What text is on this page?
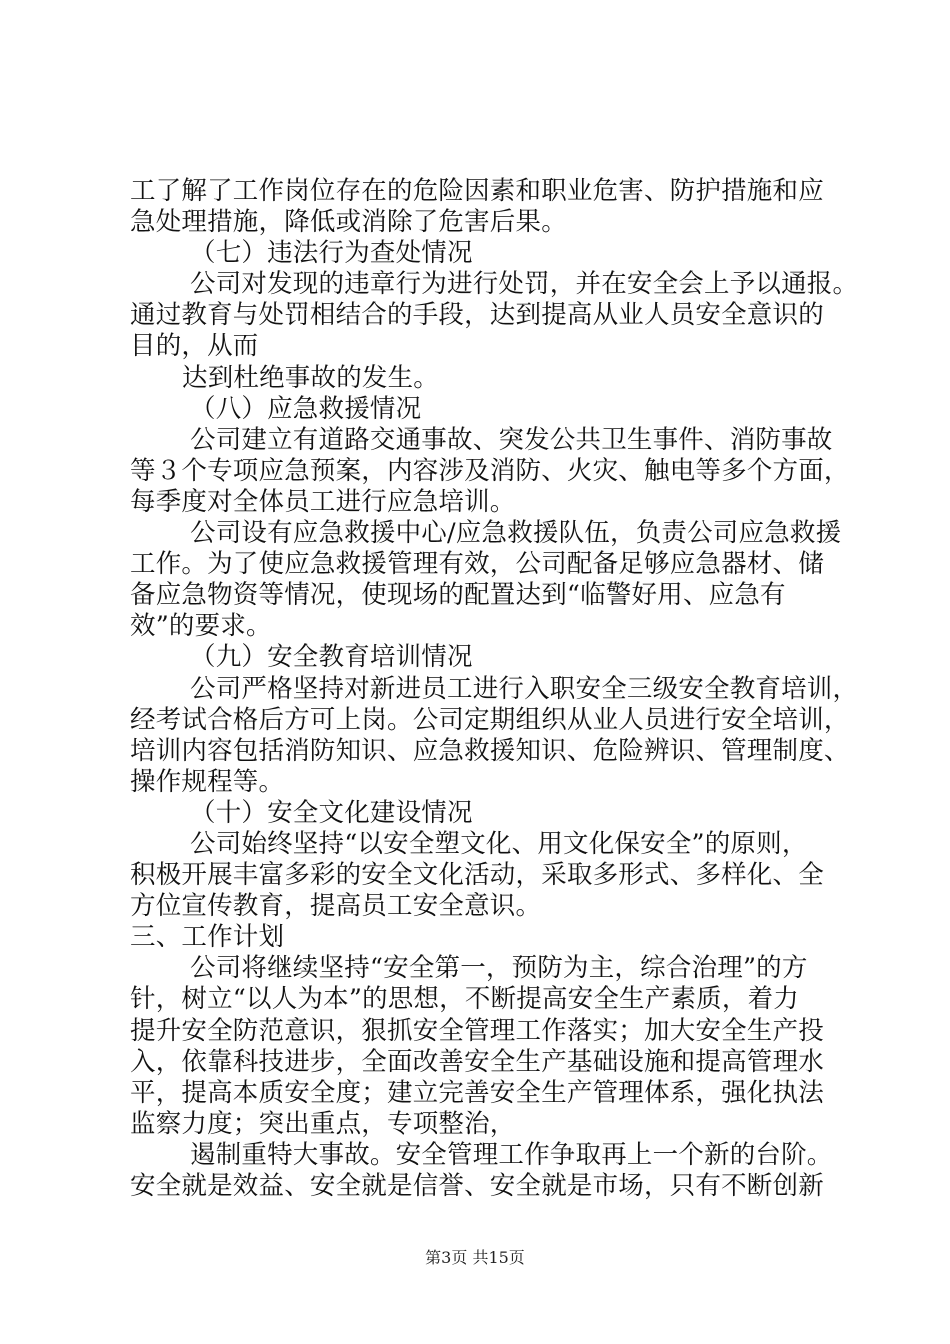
工了解了工作岗位存在的危险因素和职业危害、防护措施和应
急处理措施，降低或消除了危害后果。
（七）违法行为查处情况
公司对发现的违章行为进行处罚，并在安全会上予以通报。
通过教育与处罚相结合的手段，达到提高从业人员安全意识的
目的，从而
达到杜绝事故的发生。
（八）应急救援情况
公司建立有道路交通事故、突发公共卫生事件、消防事故
等３个专项应急预案，内容涉及消防、火灾、触电等多个方面，
每季度对全体员工进行应急培训。
公司设有应急救援中心/应急救援队伍，负责公司应急救援
工作。为了使应急救援管理有效，公司配备足够应急器材、储
备应急物资等情况，使现场的配置达到“临警好用、应急有
效”的要求。
（九）安全教育培训情况
公司严格坚持对新进员工进行入职安全三级安全教育培训，
经考试合格后方可上岗。公司定期组织从业人员进行安全培训，
培训内容包括消防知识、应急救援知识、危险辨识、管理制度、
操作规程等。
（十）安全文化建设情况
公司始终坚持“以安全塑文化、用文化保安全”的原则，
积极开展丰富多彩的安全文化活动，采取多形式、多样化、全
方位宣传教育，提高员工安全意识。
三、工作计划
公司将继续坚持“安全第一，预防为主，综合治理”的方
针，树立“以人为本”的思想，不断提高安全生产素质，着力
提升安全防范意识，狠抓安全管理工作落实；加大安全生产投
入，依靠科技进步，全面改善安全生产基础设施和提高管理水
平，提高本质安全度；建立完善安全生产管理体系，强化执法
监察力度；突出重点，专项整治，
遏制重特大事故。安全管理工作争取再上一个新的台阶。
安全就是效益、安全就是信誉、安全就是市场，只有不断创新
第3页 共15页
